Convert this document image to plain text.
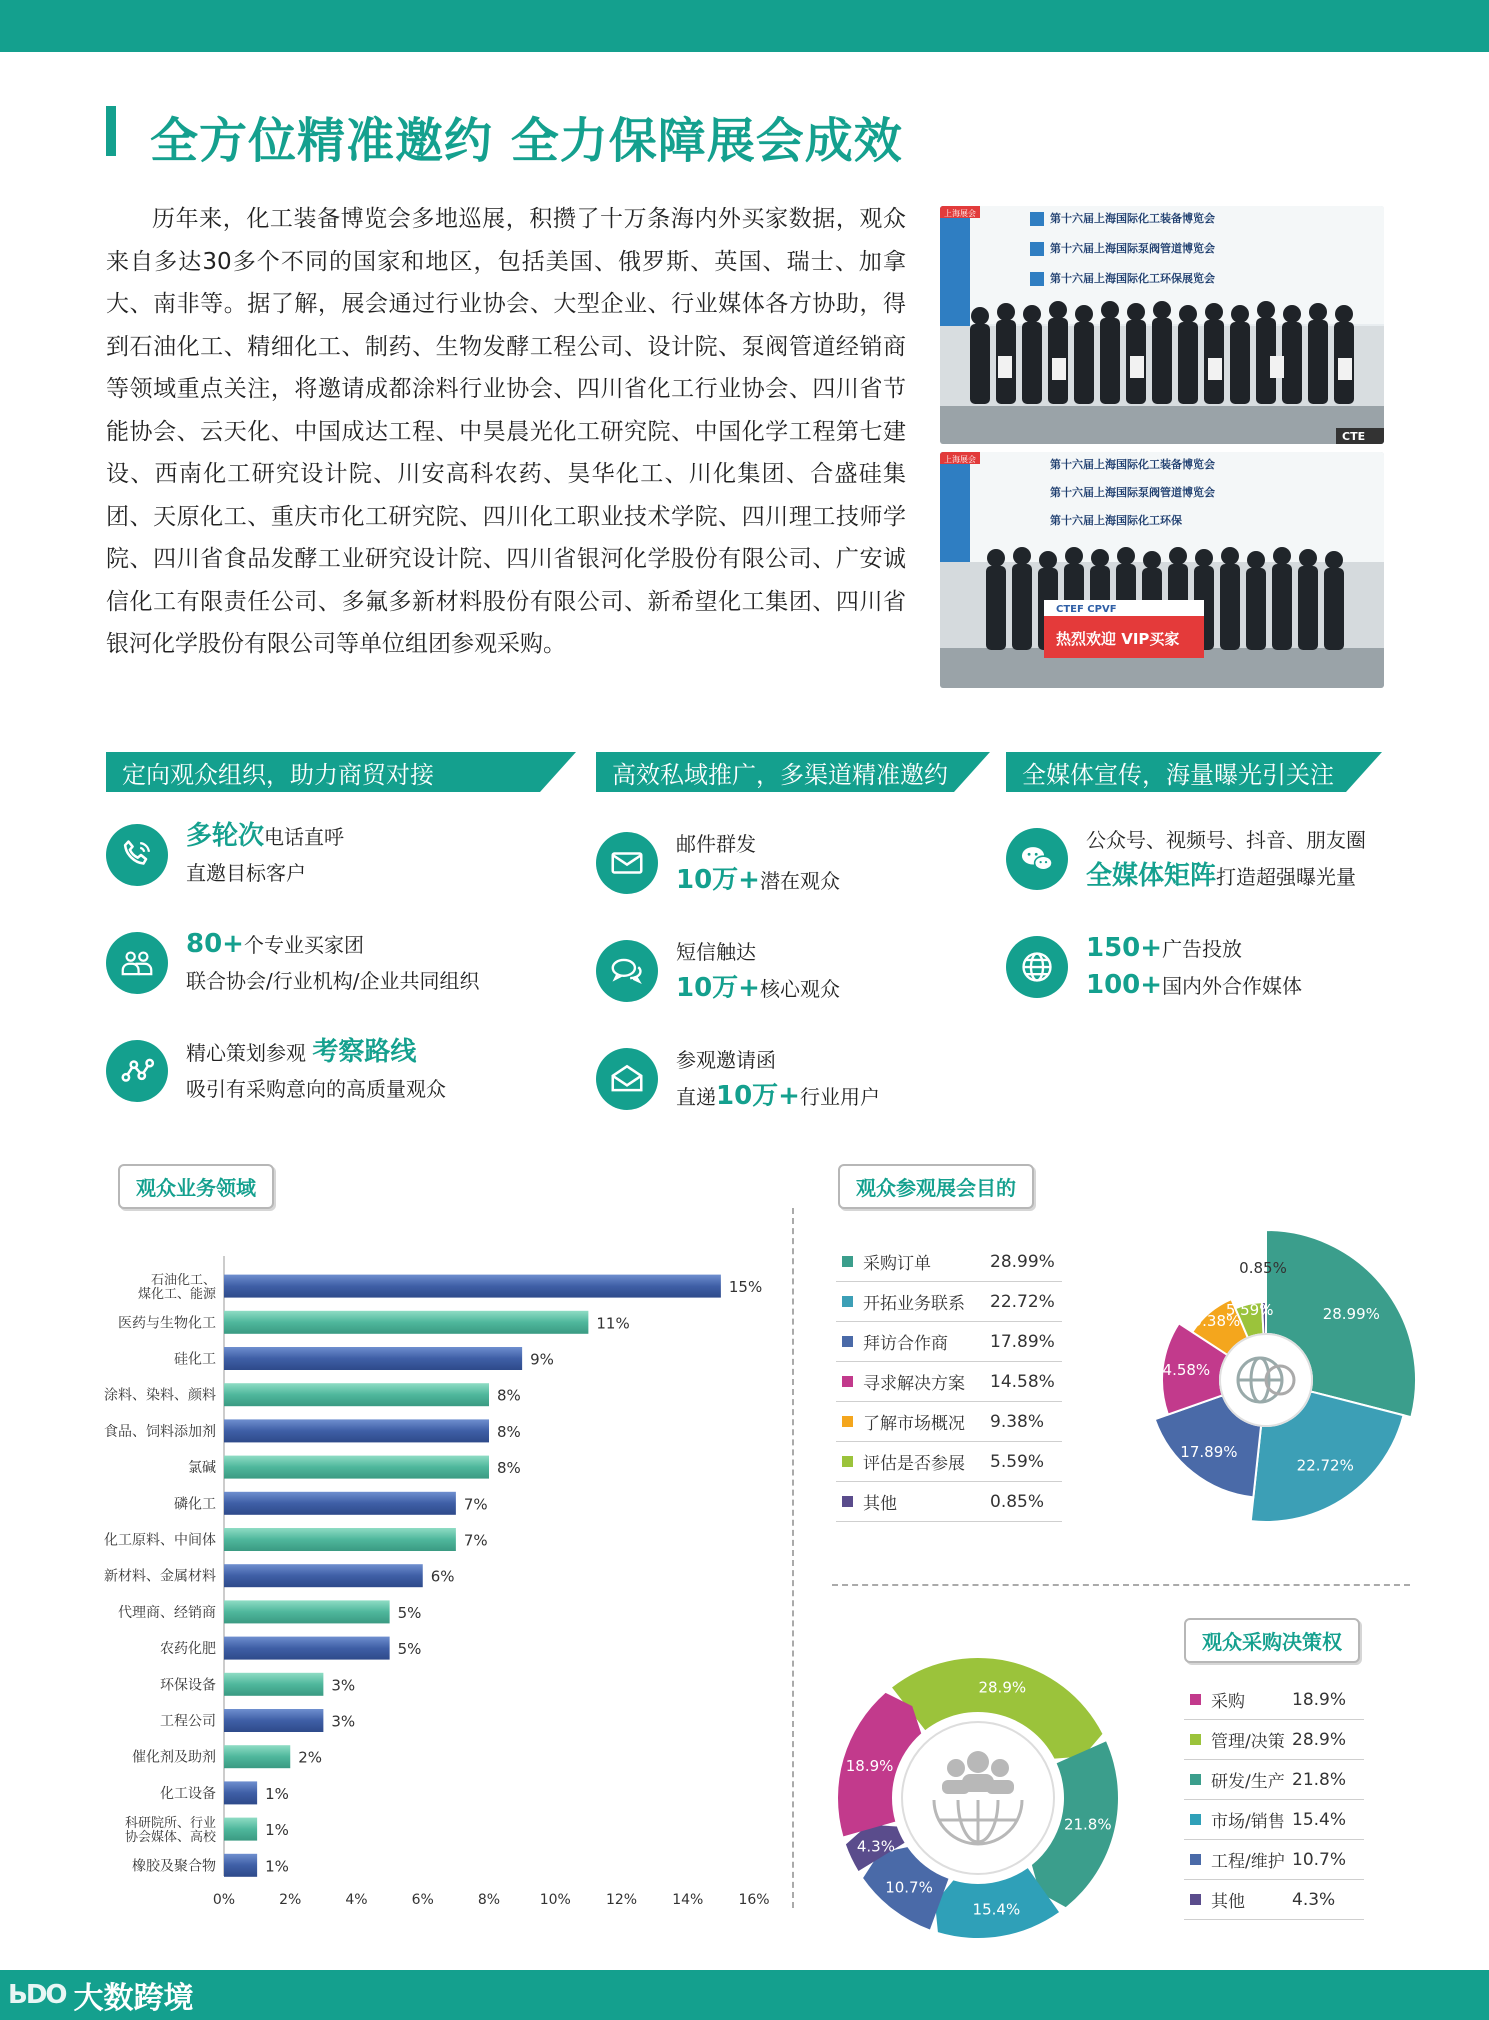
全方位精准邀约 全力保障展会成效

历年来，化工装备博览会多地巡展，积攒了十万条海内外买家数据，观众来自多达30多个不同的国家和地区，包括美国、俄罗斯、英国、瑞士、加拿大、南非等。据了解，展会通过行业协会、大型企业、行业媒体各方协助，得到石油化工、精细化工、制药、生物发酵工程公司、设计院、泵阀管道经销商等领域重点关注，将邀请成都涂料行业协会、四川省化工行业协会、四川省节能协会、云天化、中国成达工程、中昊晨光化工研究院、中国化学工程第七建设、西南化工研究设计院、川安高科农药、昊华化工、川化集团、合盛硅集团、天原化工、重庆市化工研究院、四川化工职业技术学院、四川理工技师学院、四川省食品发酵工业研究设计院、四川省银河化学股份有限公司、广安诚信化工有限责任公司、多氟多新材料股份有限公司、新希望化工集团、四川省银河化学股份有限公司等单位组团参观采购。

上海展会	第十六届上海国际化工装备博览会
第十六届上海国际泵阀管道博览会
第十六届上海国际化工环保展览会
CTE
上海展会	第十六届上海国际化工装备博览会
第十六届上海国际泵阀管道博览会
第十六届上海国际化工环保
CTEF CPVF
热烈欢迎 VIP买家
定向观众组织，助力商贸对接	高效私域推广，多渠道精准邀约	全媒体宣传，海量曝光引关注
多轮次电话直呼
直邀目标客户
80+个专业买家团
联合协会/行业机构/企业共同组织
精心策划参观 考察路线
吸引有采购意向的高质量观众
邮件群发
10万+潜在观众
短信触达
10万+核心观众
参观邀请函
直递10万+行业用户
公众号、视频号、抖音、朋友圈
全媒体矩阵打造超强曝光量
150+广告投放
100+国内外合作媒体
观众业务领域	观众参观展会目的
观众采购决策权
石油化工、
煤化工、能源	15%
医药与生物化工	11%
硅化工	9%
涂料、染料、颜料	8%
食品、饲料添加剂	8%
氯碱	8%
磷化工	7%
化工原料、中间体	7%
新材料、金属材料	6%
代理商、经销商	5%
农药化肥	5%
环保设备	3%
工程公司	3%
催化剂及助剂	2%
化工设备	1%
科研院所、行业
协会媒体、高校	1%
橡胶及聚合物	1%
0%	2%	4%	6%	8%	10%	12%	14%	16%
采购订单	28.99%
开拓业务联系	22.72%
拜访合作商	17.89%
寻求解决方案	14.58%
了解市场概况	9.38%
评估是否参展	5.59%
其他	0.85%
28.99%
22.72%
17.89%
14.58%
9.38%
5.59%
0.85%
28.9%
21.8%
15.4%
10.7%
4.3%
18.9%
采购	18.9%
管理/决策 28.9%
研发/生产 21.8%
市场/销售 15.4%
工程/维护 10.7%
其他	4.3%
ЬDO 大数跨境
